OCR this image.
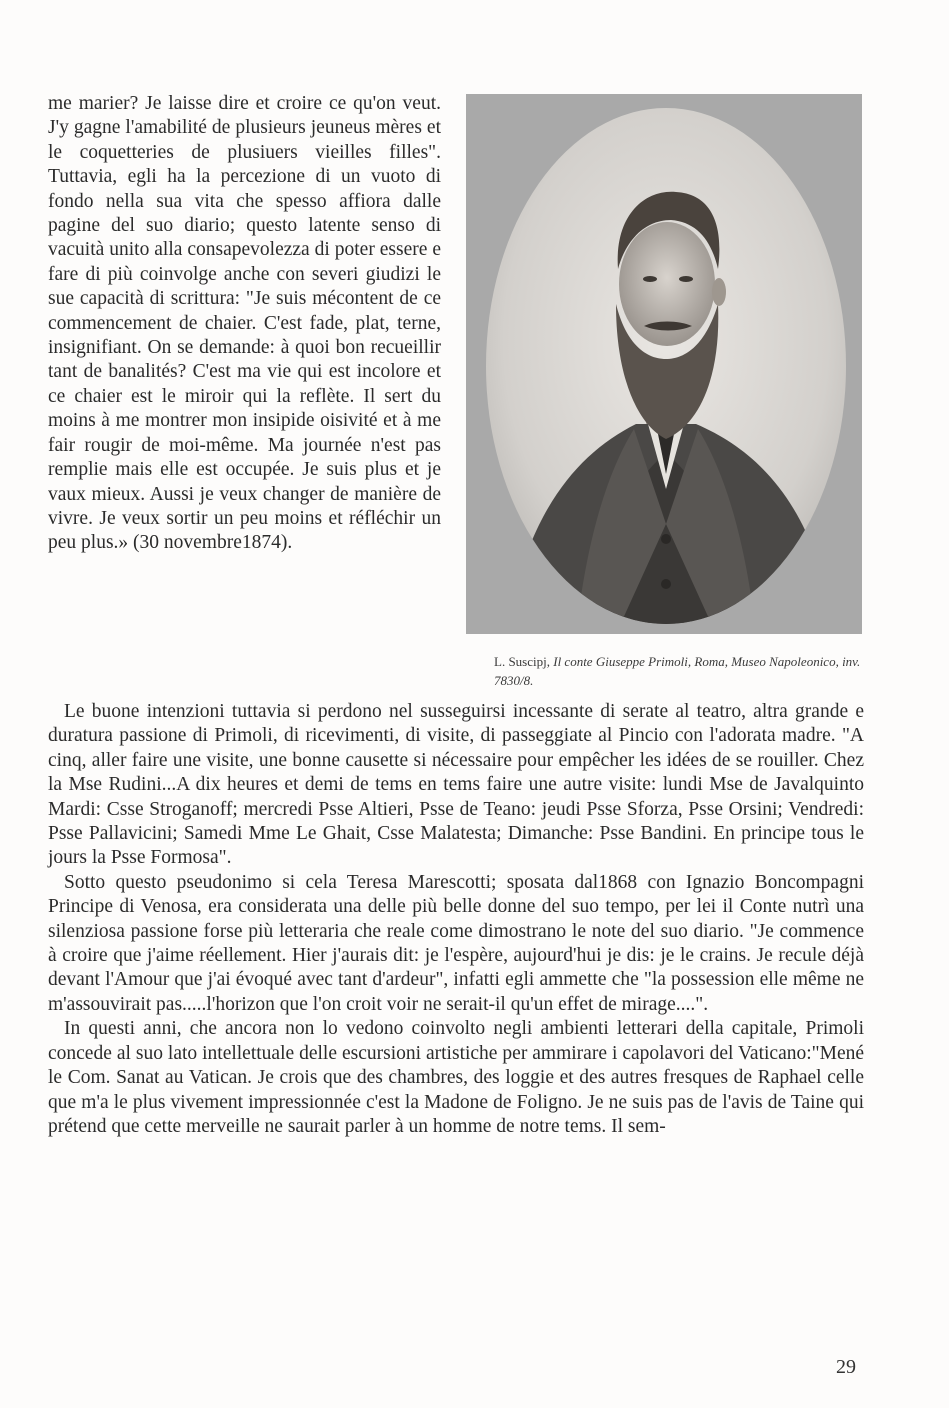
me marier? Je laisse dire et croire ce qu'on veut. J'y gagne l'amabilité de plusieurs jeuneus mères et le coquetteries de plusiuers vieilles filles". Tuttavia, egli ha la percezione di un vuoto di fondo nella sua vita che spesso affiora dalle pagine del suo diario; questo latente senso di vacuità unito alla consapevolezza di poter essere e fare di più coinvolge anche con severi giudizi le sue capacità di scrittura: "Je suis mécontent de ce commencement de chaier. C'est fade, plat, terne, insignifiant. On se demande: à quoi bon recueillir tant de banalités? C'est ma vie qui est incolore et ce chaier est le miroir qui la reflète. Il sert du moins à me montrer mon insipide oisivité et à me fair rougir de moi-même. Ma journée n'est pas remplie mais elle est occupée. Je suis plus et je vaux mieux. Aussi je veux changer de manière de vivre. Je veux sortir un peu moins et réfléchir un peu plus.» (30 novembre1874).

L. Suscipj, Il conte Giuseppe Primoli, Roma, Museo Napoleonico, inv. 7830/8.

Le buone intenzioni tuttavia si perdono nel susseguirsi incessante di serate al teatro, altra grande e duratura passione di Primoli, di ricevimenti, di visite, di passeggiate al Pincio con l'adorata madre. "A cinq, aller faire une visite, une bonne causette si nécessaire pour empêcher les idées de se rouiller. Chez la Mse Rudini...A dix heures et demi de tems en tems faire une autre visite: lundi Mse de Javalquinto Mardi: Csse Stroganoff; mercredi Psse Altieri, Psse de Teano: jeudi Psse Sforza, Psse Orsini; Vendredi: Psse Pallavicini; Samedi Mme Le Ghait, Csse Malatesta; Dimanche: Psse Bandini. En principe tous le jours la Psse Formosa".

Sotto questo pseudonimo si cela Teresa Marescotti; sposata dal1868 con Ignazio Boncompagni Principe di Venosa, era considerata una delle più belle donne del suo tempo, per lei il Conte nutrì una silenziosa passione forse più letteraria che reale come dimostrano le note del suo diario. "Je commence à croire que j'aime réellement. Hier j'aurais dit: je l'espère, aujourd'hui je dis: je le crains. Je recule déjà devant l'Amour que j'ai évoqué avec tant d'ardeur", infatti egli ammette che "la possession elle même ne m'assouvirait pas.....l'horizon que l'on croit voir ne serait-il qu'un effet de mirage....".

In questi anni, che ancora non lo vedono coinvolto negli ambienti letterari della capitale, Primoli concede al suo lato intellettuale delle escursioni artistiche per ammirare i capolavori del Vaticano:"Mené le Com. Sanat au Vatican. Je crois que des chambres, des loggie et des autres fresques de Raphael celle que m'a le plus vivement impressionnée c'est la Madone de Foligno. Je ne suis pas de l'avis de Taine qui prétend que cette merveille ne saurait parler à un homme de notre tems. Il sem-

29
